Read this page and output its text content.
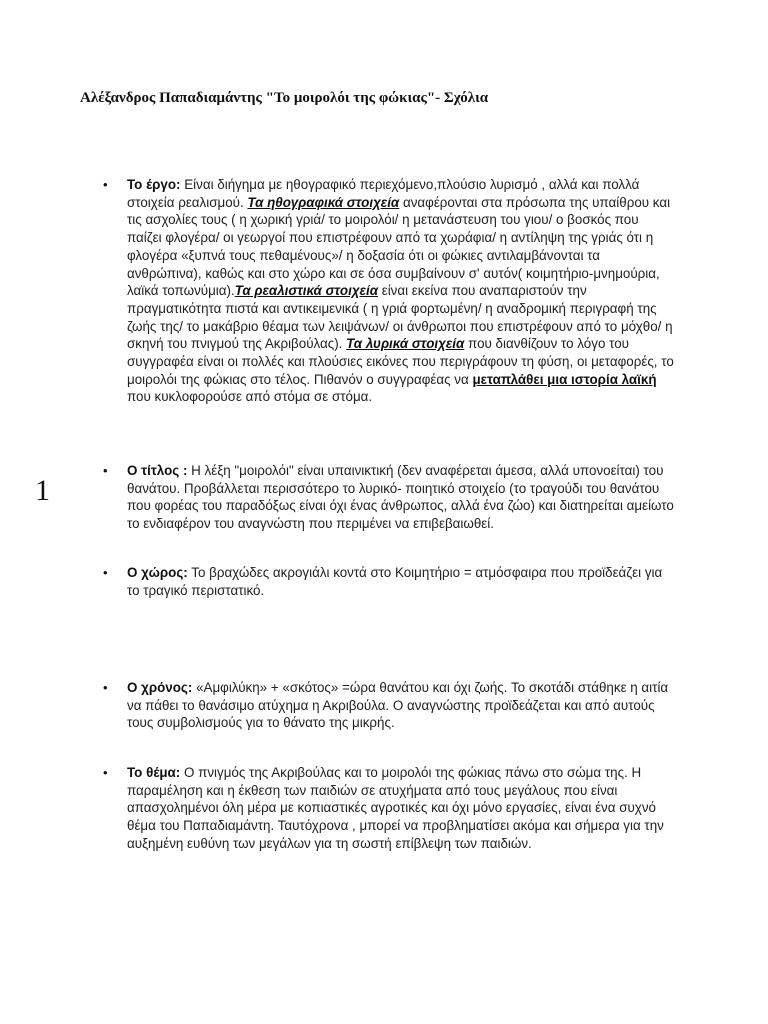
Αλέξανδρος Παπαδιαμάντης "Το μοιρολόι της φώκιας"- Σχόλια
1
• Το έργο: Είναι διήγημα με ηθογραφικό περιεχόμενο,πλούσιο λυρισμό , αλλά και πολλά στοιχεία ρεαλισμού. Τα ηθογραφικά στοιχεία αναφέρονται στα πρόσωπα της υπαίθρου και τις ασχολίες τους ( η χωρική γριά/ το μοιρολόι/ η μετανάστευση του γιου/ ο βοσκός που παίζει φλογέρα/ οι γεωργοί που επιστρέφουν από τα χωράφια/ η αντίληψη της γριάς ότι η φλογέρα «ξυπνά τους πεθαμένους»/ η δοξασία ότι οι φώκιες αντιλαμβάνονται τα ανθρώπινα), καθώς και στο χώρο και σε όσα συμβαίνουν σ' αυτόν( κοιμητήριο-μνημούρια, λαϊκά τοπωνύμια).Τα ρεαλιστικά στοιχεία είναι εκείνα που αναπαριστούν την πραγματικότητα πιστά και αντικειμενικά ( η γριά φορτωμένη/ η αναδρομική περιγραφή της ζωής της/ το μακάβριο θέαμα των λειψάνων/ οι άνθρωποι που επιστρέφουν από το μόχθο/ η σκηνή του πνιγμού της Ακριβούλας). Τα λυρικά στοιχεία που διανθίζουν το λόγο του συγγραφέα είναι οι πολλές και πλούσιες εικόνες που περιγράφουν τη φύση, οι μεταφορές, το μοιρολόι της φώκιας στο τέλος. Πιθανόν ο συγγραφέας να μεταπλάθει μια ιστορία λαϊκή που κυκλοφορούσε από στόμα σε στόμα.
• Ο τίτλος : Η λέξη "μοιρολόι" είναι υπαινικτική (δεν αναφέρεται άμεσα, αλλά υπονοείται) του θανάτου. Προβάλλεται περισσότερο το λυρικό- ποιητικό στοιχείο (το τραγούδι του θανάτου που φορέας του παραδόξως είναι όχι ένας άνθρωπος, αλλά ένα ζώο) και διατηρείται αμείωτο το ενδιαφέρον του αναγνώστη που περιμένει να επιβεβαιωθεί.
• Ο χώρος: Το βραχώδες ακρογιάλι κοντά στο Κοιμητήριο = ατμόσφαιρα που προϊδεάζει για το τραγικό περιστατικό.
• Ο χρόνος: «Αμφιλύκη» + «σκότος» =ώρα θανάτου και όχι ζωής. Το σκοτάδι στάθηκε η αιτία να πάθει το θανάσιμο ατύχημα η Ακριβούλα. Ο αναγνώστης προϊδεάζεται και από αυτούς τους συμβολισμούς για το θάνατο της μικρής.
• Το θέμα: Ο πνιγμός της Ακριβούλας και το μοιρολόι της φώκιας πάνω στο σώμα της. Η παραμέληση και η έκθεση των παιδιών σε ατυχήματα από τους μεγάλους που είναι απασχολημένοι όλη μέρα με κοπιαστικές αγροτικές και όχι μόνο εργασίες, είναι ένα συχνό θέμα του Παπαδιαμάντη. Ταυτόχρονα , μπορεί να προβληματίσει ακόμα και σήμερα για την αυξημένη ευθύνη των μεγάλων για τη σωστή επίβλεψη των παιδιών.
